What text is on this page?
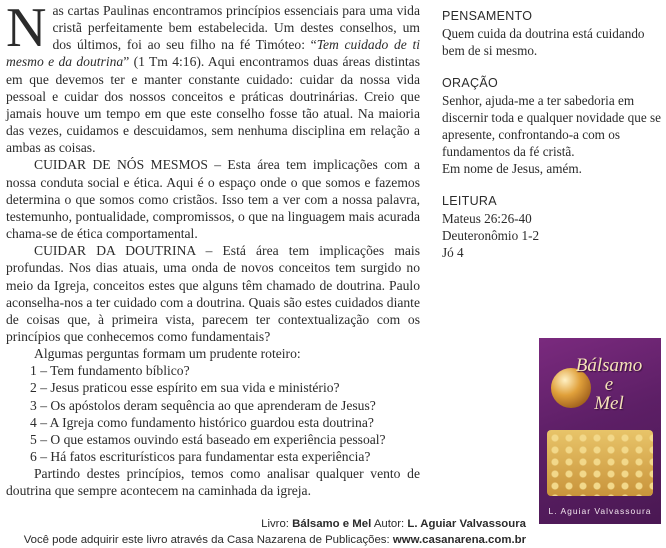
Nas cartas Paulinas encontramos princípios essenciais para uma vida cristã perfeitamente bem estabelecida. Um destes conselhos, um dos últimos, foi ao seu filho na fé Timóteo: “Tem cuidado de ti mesmo e da doutrina” (1 Tm 4:16). Aqui encontramos duas áreas distintas em que devemos ter e manter constante cuidado: cuidar da nossa vida pessoal e cuidar dos nossos conceitos e práticas doutrinárias. Creio que jamais houve um tempo em que este conselho fosse tão atual. Na maioria das vezes, cuidamos e descuidamos, sem nenhuma disciplina em relação a ambas as coisas.

CUIDAR DE NÓS MESMOS – Esta área tem implicações com a nossa conduta social e ética. Aqui é o espaço onde o que somos e fazemos determina o que somos como cristãos. Isso tem a ver com a nossa palavra, testemunho, pontualidade, compromissos, o que na linguagem mais acurada chama-se de ética comportamental.

CUIDAR DA DOUTRINA – Está área tem implicações mais profundas. Nos dias atuais, uma onda de novos conceitos tem surgido no meio da Igreja, conceitos estes que alguns têm chamado de doutrina. Paulo aconselha-nos a ter cuidado com a doutrina. Quais são estes cuidados diante de coisas que, à primeira vista, parecem ter contextualização com os princípios que conhecemos como fundamentais?

Algumas perguntas formam um prudente roteiro:

1 – Tem fundamento bíblico?
2 – Jesus praticou esse espírito em sua vida e ministério?
3 – Os apóstolos deram sequência ao que aprenderam de Jesus?
4 – A Igreja como fundamento histórico guardou esta doutrina?
5 – O que estamos ouvindo está baseado em experiência pessoal?
6 – Há fatos escriturísticos para fundamentar esta experiência?

Partindo destes princípios, temos como analisar qualquer vento de doutrina que sempre acontecem na caminhada da igreja.

PENSAMENTO

Quem cuida da doutrina está cuidando bem de si mesmo.

ORAÇÃO

Senhor, ajuda-me a ter sabedoria em discernir toda e qualquer novidade que se apresente, confrontando-a com os fundamentos da fé cristã.

Em nome de Jesus, amém.

LEITURA

Mateus 26:26-40

Deuteronômio 1-2

Jó 4

Bálsamo
e
Mel
L. Aguiar Valvassoura
Livro: Bálsamo e Mel Autor: L. Aguiar Valvassoura
Você pode adquirir este livro através da Casa Nazarena de Publicações: www.casanarena.com.br
